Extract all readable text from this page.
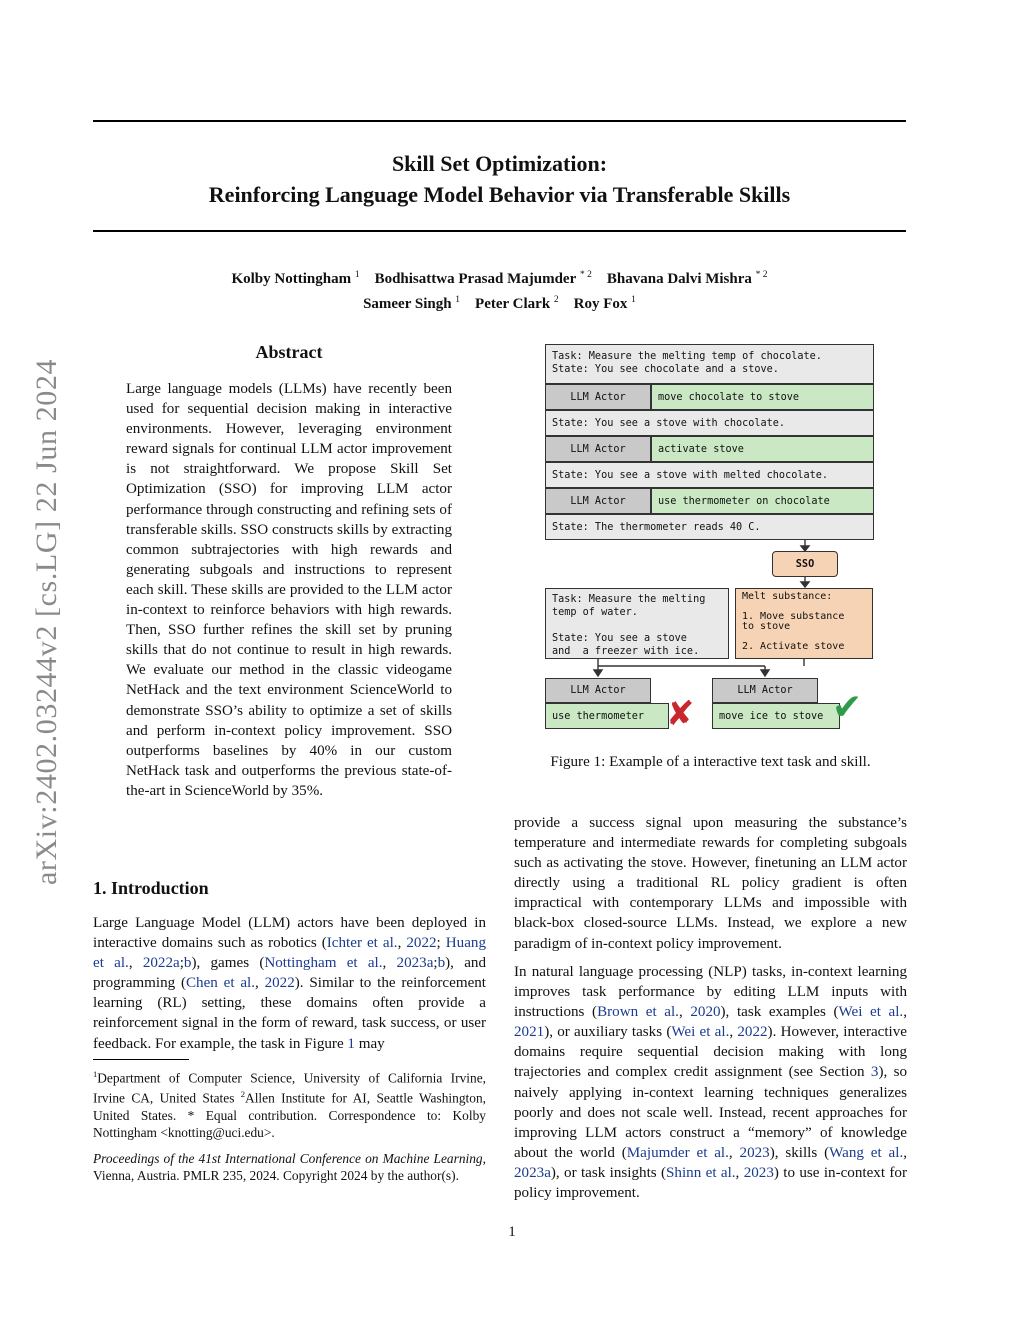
Skill Set Optimization:
Reinforcing Language Model Behavior via Transferable Skills
Kolby Nottingham $^1$ Bodhisattwa Prasad Majumder $^{* 2}$ Bhavana Dalvi Mishra $^{* 2}$
Sameer Singh $^1$ Peter Clark $^2$ Roy Fox $^1$
arXiv:2402.03244v2 [cs.LG] 22 Jun 2024
Abstract
Large language models (LLMs) have recently been used for sequential decision making in interactive environments. However, leveraging environment reward signals for continual LLM actor improvement is not straightforward. We propose Skill Set Optimization (SSO) for improving LLM actor performance through constructing and refining sets of transferable skills. SSO constructs skills by extracting common subtrajectories with high rewards and generating subgoals and instructions to represent each skill. These skills are provided to the LLM actor in-context to reinforce behaviors with high rewards. Then, SSO further refines the skill set by pruning skills that do not continue to result in high rewards. We evaluate our method in the classic videogame NetHack and the text environment ScienceWorld to demonstrate SSO’s ability to optimize a set of skills and perform in-context policy improvement. SSO outperforms baselines by 40% in our custom NetHack task and outperforms the previous state-of-the-art in ScienceWorld by 35%.
1. Introduction
Large Language Model (LLM) actors have been deployed in interactive domains such as robotics (Ichter et al., 2022; Huang et al., 2022a;b), games (Nottingham et al., 2023a;b), and programming (Chen et al., 2022). Similar to the reinforcement learning (RL) setting, these domains often provide a reinforcement signal in the form of reward, task success, or user feedback. For example, the task in Figure 1 may
$^1$Department of Computer Science, University of California Irvine, Irvine CA, United States $^2$Allen Institute for AI, Seattle Washington, United States. * Equal contribution. Correspondence to: Kolby Nottingham <knotting@uci.edu>.
Proceedings of the 41st International Conference on Machine Learning, Vienna, Austria. PMLR 235, 2024. Copyright 2024 by the author(s).
provide a success signal upon measuring the substance’s temperature and intermediate rewards for completing subgoals such as activating the stove. However, finetuning an LLM actor directly using a traditional RL policy gradient is often impractical with contemporary LLMs and impossible with black-box closed-source LLMs. Instead, we explore a new paradigm of in-context policy improvement.
In natural language processing (NLP) tasks, in-context learning improves task performance by editing LLM inputs with instructions (Brown et al., 2020), task examples (Wei et al., 2021), or auxiliary tasks (Wei et al., 2022). However, interactive domains require sequential decision making with long trajectories and complex credit assignment (see Section 3), so naively applying in-context learning techniques generalizes poorly and does not scale well. Instead, recent approaches for improving LLM actors construct a “memory” of knowledge about the world (Majumder et al., 2023), skills (Wang et al., 2023a), or task insights (Shinn et al., 2023) to use in-context for policy improvement.
1
Task: Measure the melting temp of chocolate.
State: You see chocolate and a stove.
LLM Actor	move chocolate to stove
State: You see a stove with chocolate.
LLM Actor	activate stove
State: You see a stove with melted chocolate.
LLM Actor	use thermometer on chocolate
State: The thermometer reads 40 C.
SSO
Task: Measure the melting
temp of water.

State: You see a stove
and  a freezer with ice.
Melt substance:

1. Move substance
to stove

2. Activate stove
LLM Actor
use thermometer ✘
LLM Actor
move ice to stove ✔
Figure 1: Example of a interactive text task and skill.
